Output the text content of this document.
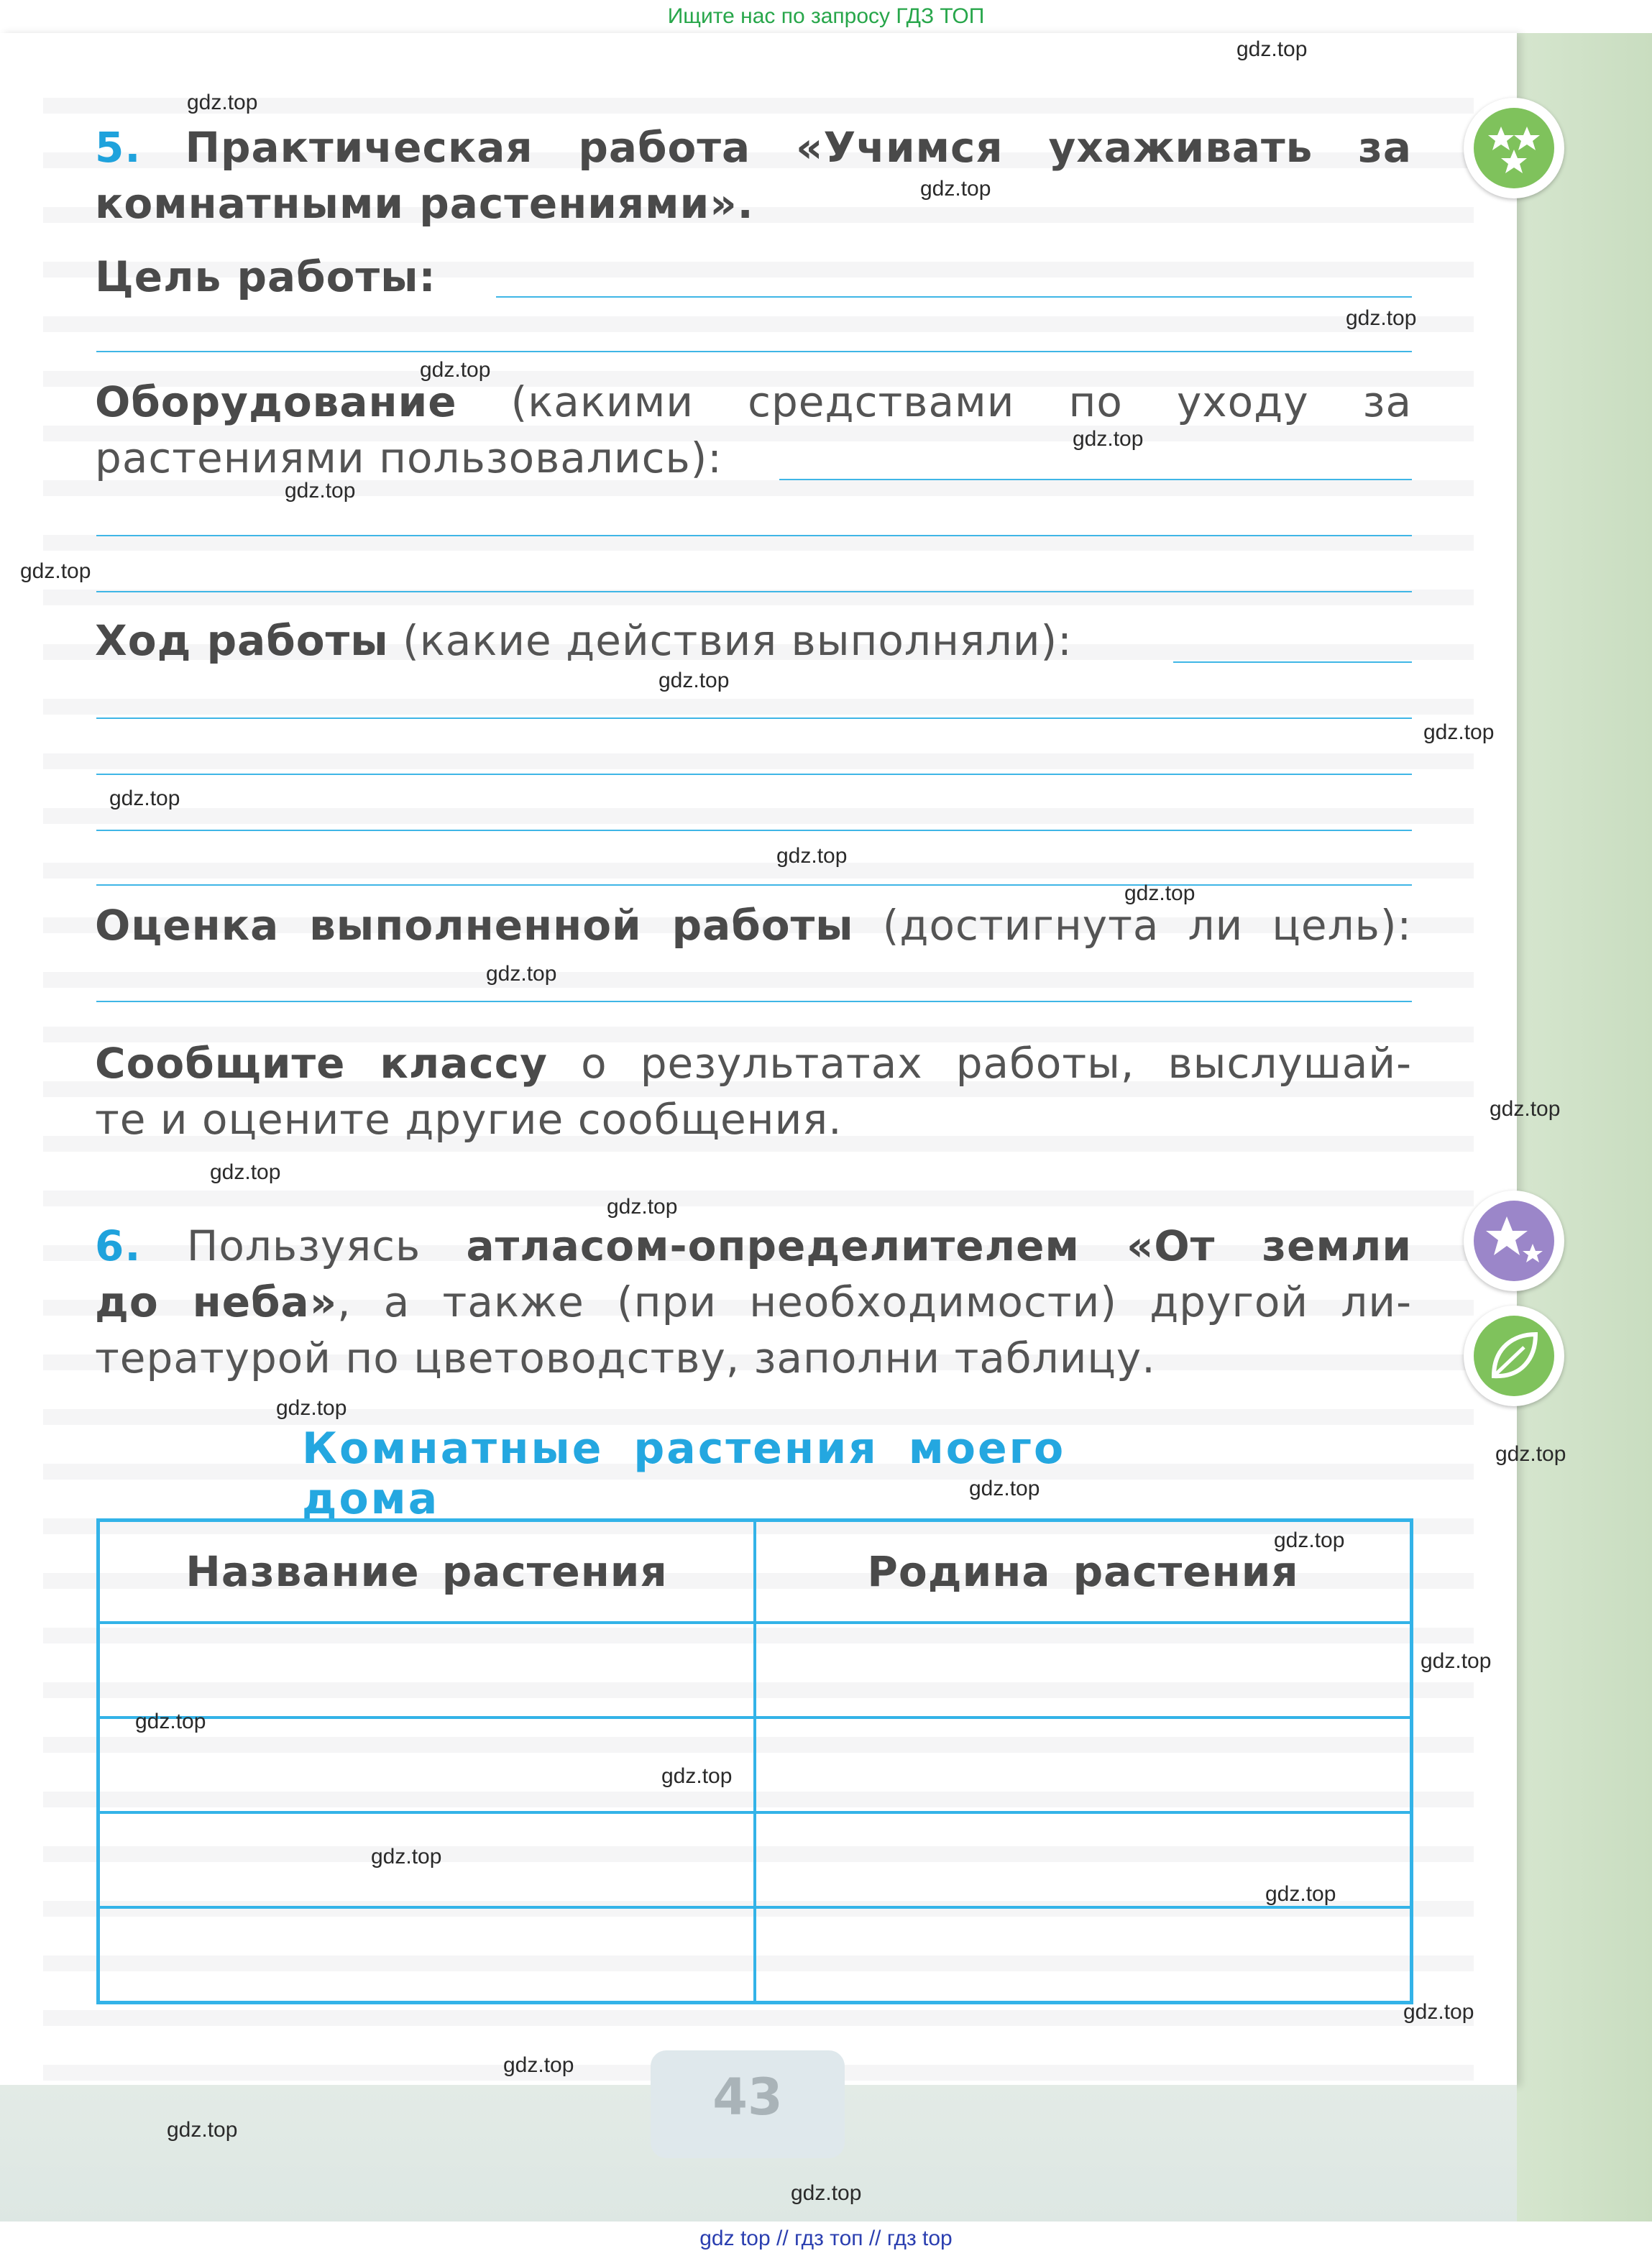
Ищите нас по запросу ГДЗ ТОП
5. Практическая работа «Учимся ухаживать за
комнатными растениями».
Цель работы:
Оборудование (какими средствами по уходу за
растениями пользовались):
Ход работы (какие действия выполняли):
Оценка выполненной работы (достигнута ли цель):
Сообщите классу о результатах работы, выслушай-
те и оцените другие сообщения.
6. Пользуясь атласом-определителем «От земли
до неба», а также (при необходимости) другой ли-
тературой по цветоводству, заполни таблицу.
Комнатные растения моего дома
Название растения	Родина растения

43
gdz.top
gdz.top
gdz.top
gdz.top
gdz.top
gdz.top
gdz.top
gdz.top
gdz.top
gdz.top
gdz.top
gdz.top
gdz.top
gdz.top
gdz.top
gdz.top
gdz.top
gdz.top
gdz.top
gdz.top
gdz.top
gdz.top
gdz.top
gdz.top
gdz.top
gdz.top
gdz.top
gdz.top
gdz.top
gdz.top
gdz top // гдз топ // гдз top
